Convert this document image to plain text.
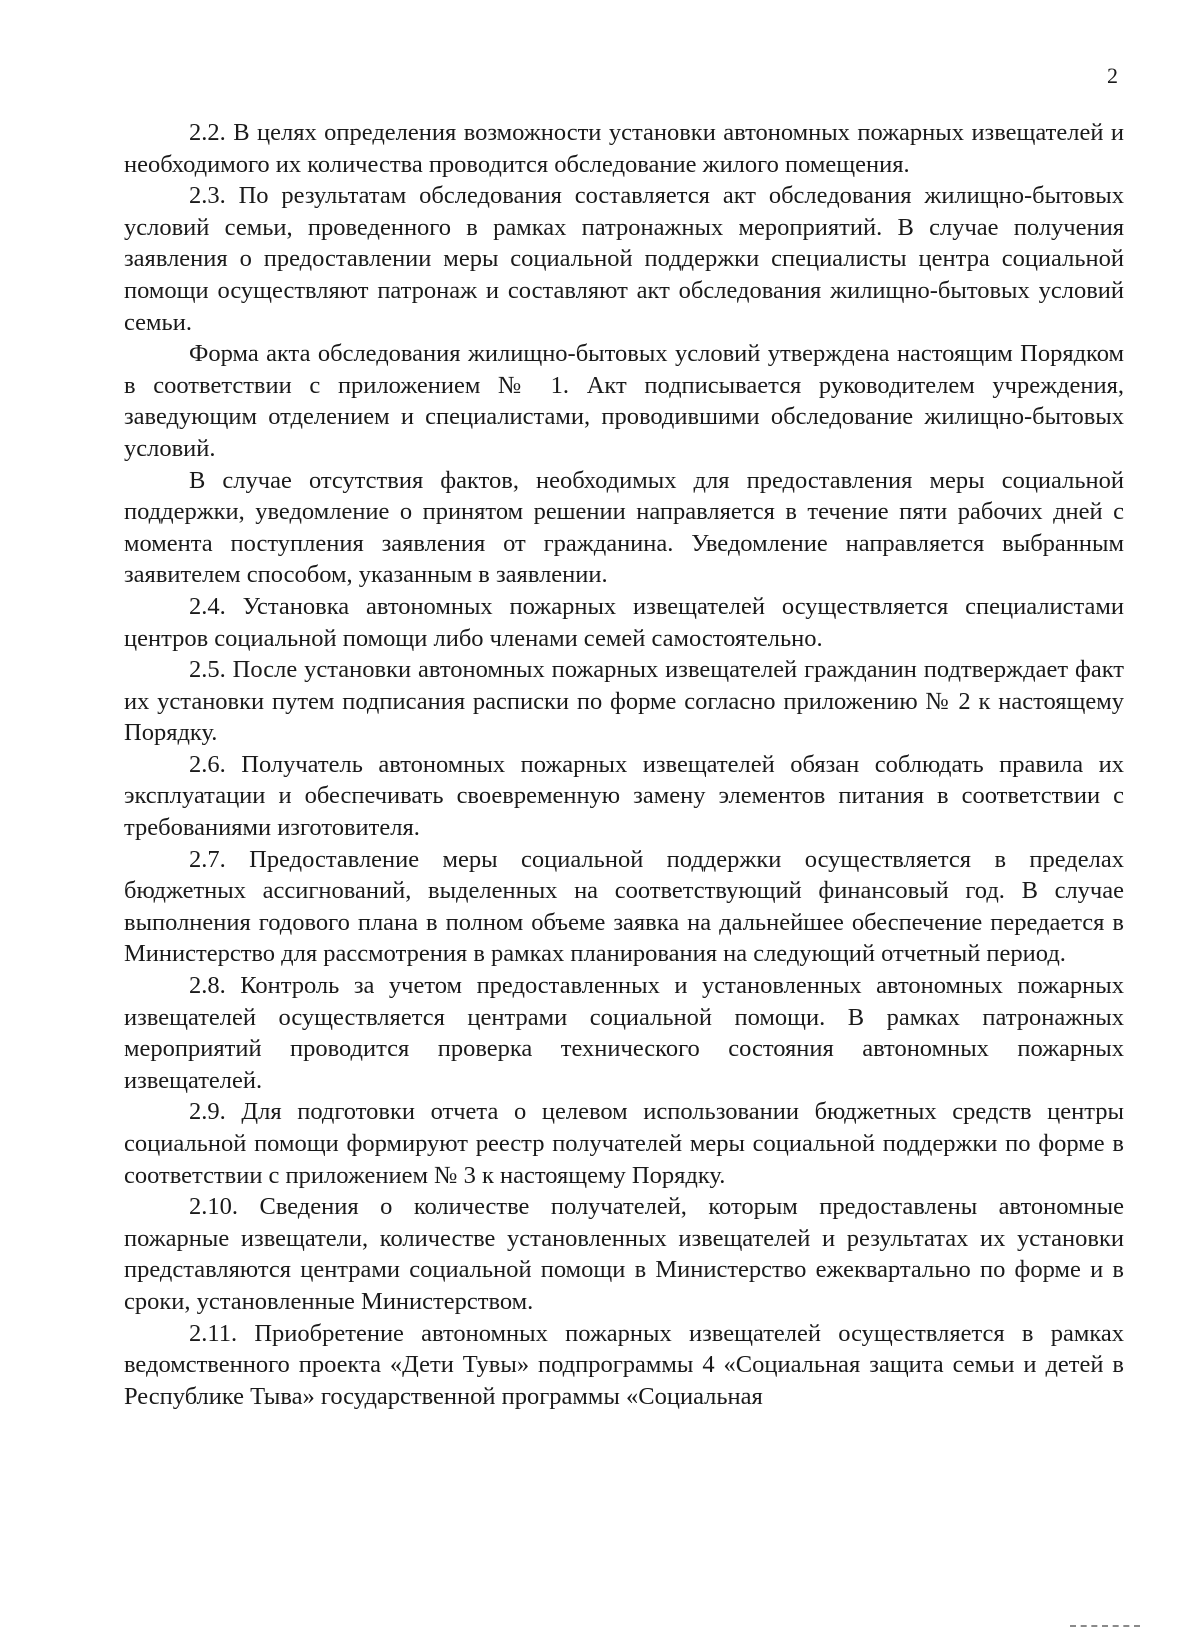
2

2.2. В целях определения возможности установки автономных пожарных извещателей и необходимого их количества проводится обследование жилого помещения.

2.3. По результатам обследования составляется акт обследования жилищно-бытовых условий семьи, проведенного в рамках патронажных мероприятий. В случае получения заявления о предоставлении меры социальной поддержки специалисты центра социальной помощи осуществляют патронаж и составляют акт обследования жилищно-бытовых условий семьи.

Форма акта обследования жилищно-бытовых условий утверждена настоящим Порядком в соответствии с приложением № 1. Акт подписывается руководителем учреждения, заведующим отделением и специалистами, проводившими обследование жилищно-бытовых условий.

В случае отсутствия фактов, необходимых для предоставления меры социальной поддержки, уведомление о принятом решении направляется в течение пяти рабочих дней с момента поступления заявления от гражданина. Уведомление направляется выбранным заявителем способом, указанным в заявлении.

2.4. Установка автономных пожарных извещателей осуществляется специалистами центров социальной помощи либо членами семей самостоятельно.

2.5. После установки автономных пожарных извещателей гражданин подтверждает факт их установки путем подписания расписки по форме согласно приложению № 2 к настоящему Порядку.

2.6. Получатель автономных пожарных извещателей обязан соблюдать правила их эксплуатации и обеспечивать своевременную замену элементов питания в соответствии с требованиями изготовителя.

2.7. Предоставление меры социальной поддержки осуществляется в пределах бюджетных ассигнований, выделенных на соответствующий финансовый год. В случае выполнения годового плана в полном объеме заявка на дальнейшее обеспечение передается в Министерство для рассмотрения в рамках планирования на следующий отчетный период.

2.8. Контроль за учетом предоставленных и установленных автономных пожарных извещателей осуществляется центрами социальной помощи. В рамках патронажных мероприятий проводится проверка технического состояния автономных пожарных извещателей.

2.9. Для подготовки отчета о целевом использовании бюджетных средств центры социальной помощи формируют реестр получателей меры социальной поддержки по форме в соответствии с приложением № 3 к настоящему Порядку.

2.10. Сведения о количестве получателей, которым предоставлены автономные пожарные извещатели, количестве установленных извещателей и результатах их установки представляются центрами социальной помощи в Министерство ежеквартально по форме и в сроки, установленные Министерством.

2.11. Приобретение автономных пожарных извещателей осуществляется в рамках ведомственного проекта «Дети Тувы» подпрограммы 4 «Социальная защита семьи и детей в Республике Тыва» государственной программы «Социальная
